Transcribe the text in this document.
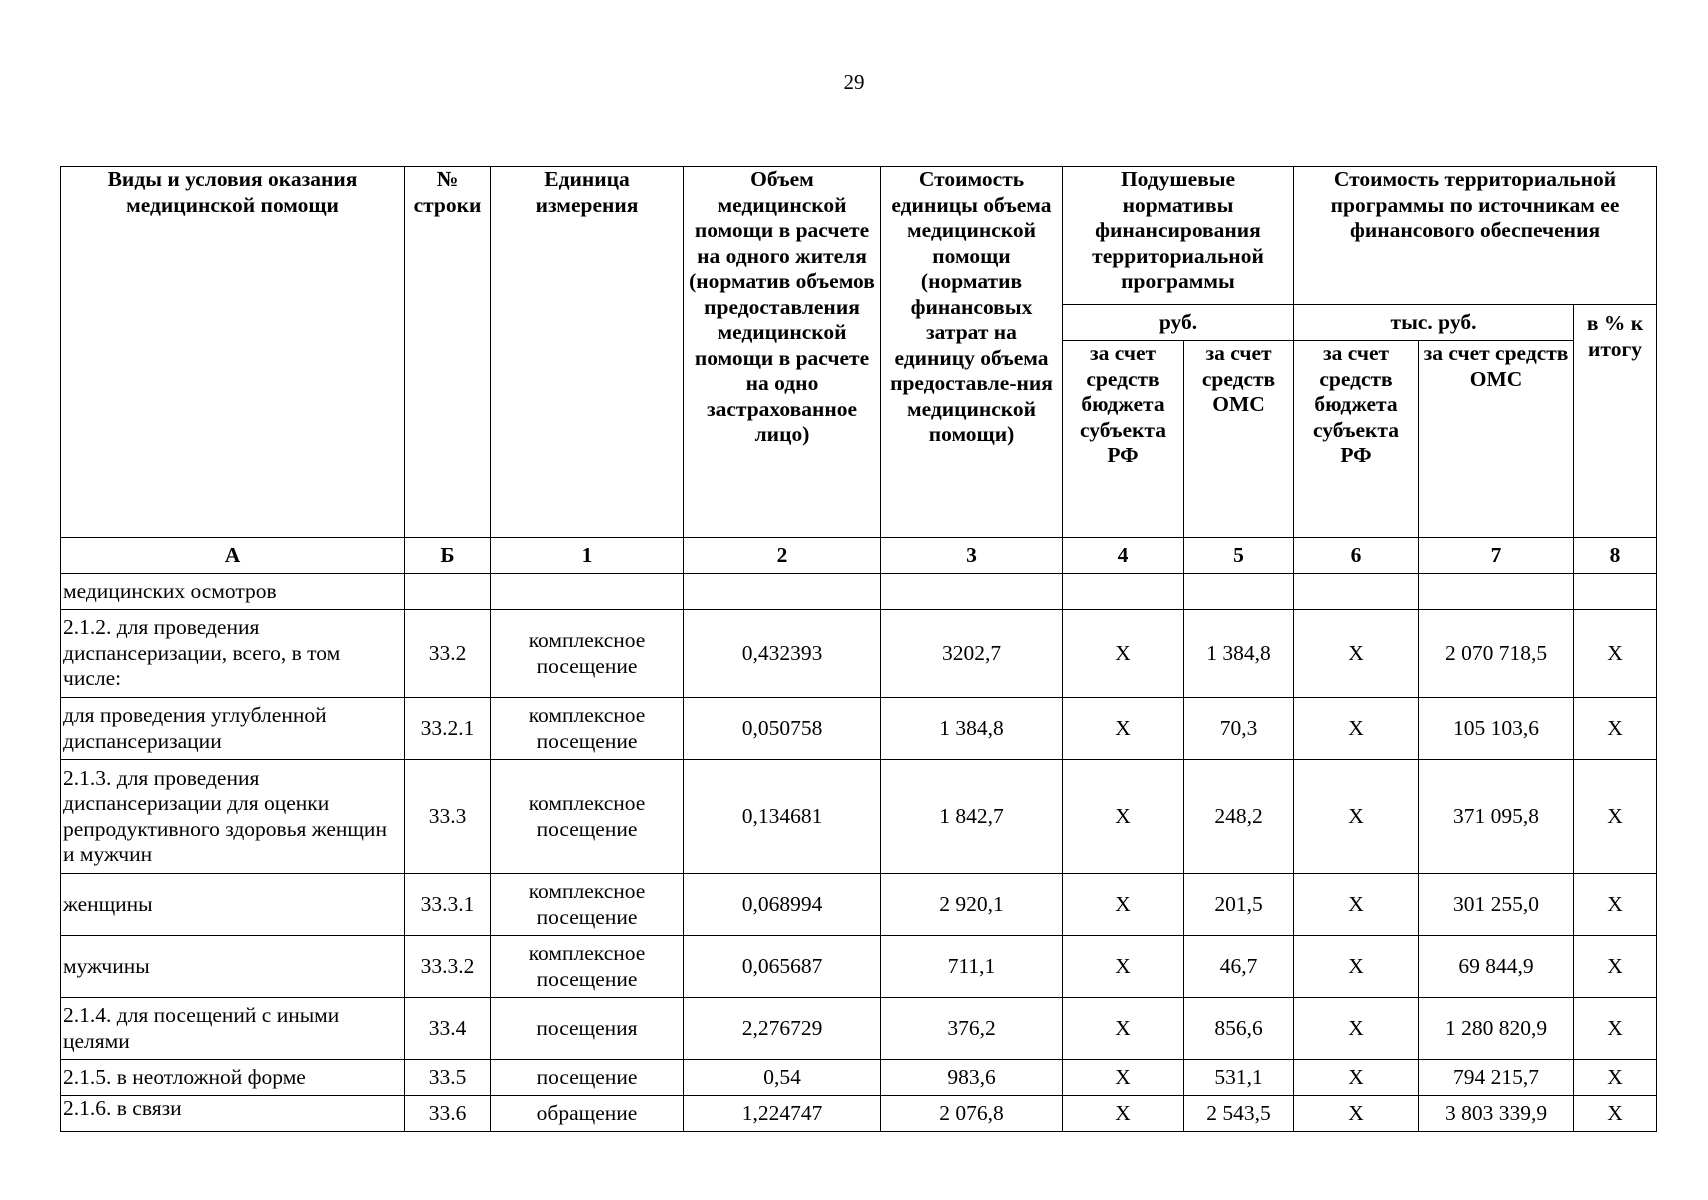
29
Виды и условия оказания медицинской помощи	№ строки	Единица измерения	Объем медицинской помощи в расчете на одного жителя (норматив объемов предоставления медицинской помощи в расчете на одно застрахованное лицо)	Стоимость единицы объема медицинской помощи (норматив финансовых затрат на единицу объема предоставле-ния медицинской помощи)	Подушевые нормативы финансирования территориальной программы		Стоимость территориальной программы по источникам ее финансового обеспечения		
					руб.		тыс. руб.		в % к итогу
					за счет средств бюджета субъекта РФ	за счет средств ОМС	за счет средств бюджета субъекта РФ	за счет средств ОМС	
А	Б	1	2	3	4	5	6	7	8
медицинских осмотров									
2.1.2. для проведения диспансеризации, всего, в том числе:	33.2	комплексное посещение	0,432393	3202,7	X	1 384,8	X	2 070 718,5	X
для проведения углубленной диспансеризации	33.2.1	комплексное посещение	0,050758	1 384,8	X	70,3	X	105 103,6	X
2.1.3. для проведения диспансеризации для оценки репродуктивного здоровья женщин и мужчин	33.3	комплексное посещение	0,134681	1 842,7	X	248,2	X	371 095,8	X
женщины	33.3.1	комплексное посещение	0,068994	2 920,1	X	201,5	X	301 255,0	X
мужчины	33.3.2	комплексное посещение	0,065687	711,1	X	46,7	X	69 844,9	X
2.1.4. для посещений с иными целями	33.4	посещения	2,276729	376,2	X	856,6	X	1 280 820,9	X
2.1.5. в неотложной форме	33.5	посещение	0,54	983,6	X	531,1	X	794 215,7	X
2.1.6. в связи	33.6	обращение	1,224747	2 076,8	X	2 543,5	X	3 803 339,9	X
